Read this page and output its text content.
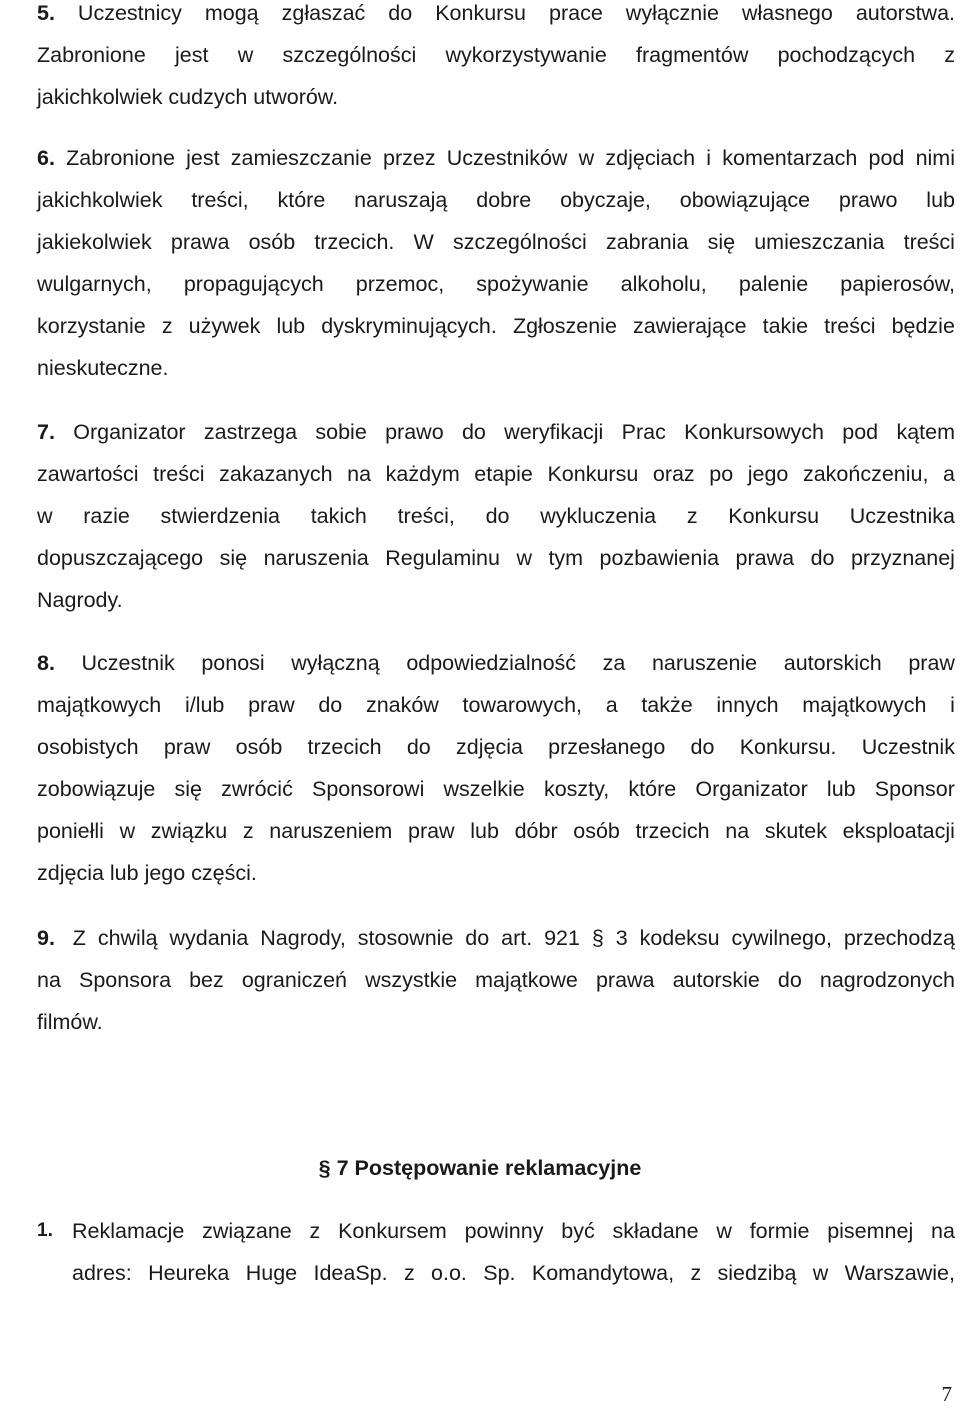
5. Uczestnicy mogą zgłaszać do Konkursu prace wyłącznie własnego autorstwa.
Zabronione jest w szczególności wykorzystywanie fragmentów pochodzących z
jakichkolwiek cudzych utworów.
6. Zabronione jest zamieszczanie przez Uczestników w zdjęciach i komentarzach pod nimi
jakichkolwiek treści, które naruszają dobre obyczaje, obowiązujące prawo lub
jakiekolwiek prawa osób trzecich. W szczególności zabrania się umieszczania treści
wulgarnych, propagujących przemoc, spożywanie alkoholu, palenie papierosów,
korzystanie z używek lub dyskryminujących. Zgłoszenie zawierające takie treści będzie
nieskuteczne.
7. Organizator zastrzega sobie prawo do weryfikacji Prac Konkursowych pod kątem
zawartości treści zakazanych na każdym etapie Konkursu oraz po jego zakończeniu, a
w razie stwierdzenia takich treści, do wykluczenia z Konkursu Uczestnika
dopuszczającego się naruszenia Regulaminu w tym pozbawienia prawa do przyznanej
Nagrody.
8. Uczestnik ponosi wyłączną odpowiedzialność za naruszenie autorskich praw
majątkowych i/lub praw do znaków towarowych, a także innych majątkowych i
osobistych praw osób trzecich do zdjęcia przesłanego do Konkursu. Uczestnik
zobowiązuje się zwrócić Sponsorowi wszelkie koszty, które Organizator lub Sponsor
poniełli w związku z naruszeniem praw lub dóbr osób trzecich na skutek eksploatacji
zdjęcia lub jego części.
9. Z chwilą wydania Nagrody, stosownie do art. 921 § 3 kodeksu cywilnego, przechodzą
na Sponsora bez ograniczeń wszystkie majątkowe prawa autorskie do nagrodzonych
filmów.
§ 7 Postępowanie reklamacyjne
1. Reklamacje związane z Konkursem powinny być składane w formie pisemnej na
adres: Heureka Huge IdeaSp. z o.o. Sp. Komandytowa, z siedzibą w Warszawie,
7
